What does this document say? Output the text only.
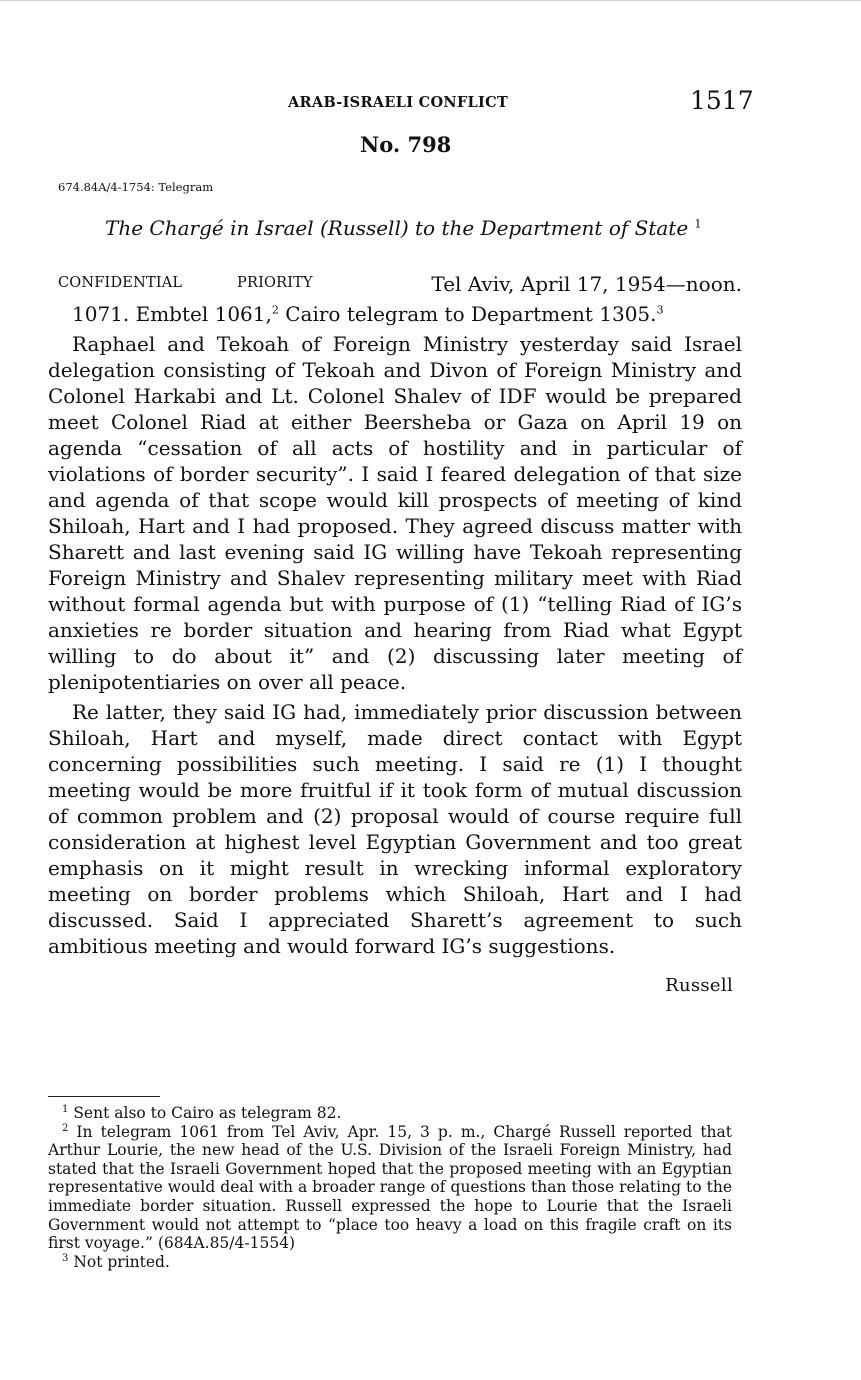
ARAB-ISRAELI CONFLICT	1517
No. 798
674.84A/4-1754: Telegram
The Chargé in Israel (Russell) to the Department of State $^1$
CONFIDENTIAL	PRIORITY	Tel Aviv, April 17, 1954—noon.

1071. Embtel 1061,$^2$ Cairo telegram to Department 1305.$^3$

Raphael and Tekoah of Foreign Ministry yesterday said Israel delegation consisting of Tekoah and Divon of Foreign Ministry and Colonel Harkabi and Lt. Colonel Shalev of IDF would be prepared meet Colonel Riad at either Beersheba or Gaza on April 19 on agenda “cessation of all acts of hostility and in particular of violations of border security”. I said I feared delegation of that size and agenda of that scope would kill prospects of meeting of kind Shiloah, Hart and I had proposed. They agreed discuss matter with Sharett and last evening said IG willing have Tekoah representing Foreign Ministry and Shalev representing military meet with Riad without formal agenda but with purpose of (1) “telling Riad of IG’s anxieties re border situation and hearing from Riad what Egypt willing to do about it” and (2) discussing later meeting of plenipotentiaries on over all peace.

Re latter, they said IG had, immediately prior discussion between Shiloah, Hart and myself, made direct contact with Egypt concerning possibilities such meeting. I said re (1) I thought meeting would be more fruitful if it took form of mutual discussion of common problem and (2) proposal would of course require full consideration at highest level Egyptian Government and too great emphasis on it might result in wrecking informal exploratory meeting on border problems which Shiloah, Hart and I had discussed. Said I appreciated Sharett’s agreement to such ambitious meeting and would forward IG’s suggestions.

Russell

$^1$ Sent also to Cairo as telegram 82.

$^2$ In telegram 1061 from Tel Aviv, Apr. 15, 3 p. m., Chargé Russell reported that Arthur Lourie, the new head of the U.S. Division of the Israeli Foreign Ministry, had stated that the Israeli Government hoped that the proposed meeting with an Egyptian representative would deal with a broader range of questions than those relating to the immediate border situation. Russell expressed the hope to Lourie that the Israeli Government would not attempt to “place too heavy a load on this fragile craft on its first voyage.” (684A.85/4-1554)

$^3$ Not printed.
